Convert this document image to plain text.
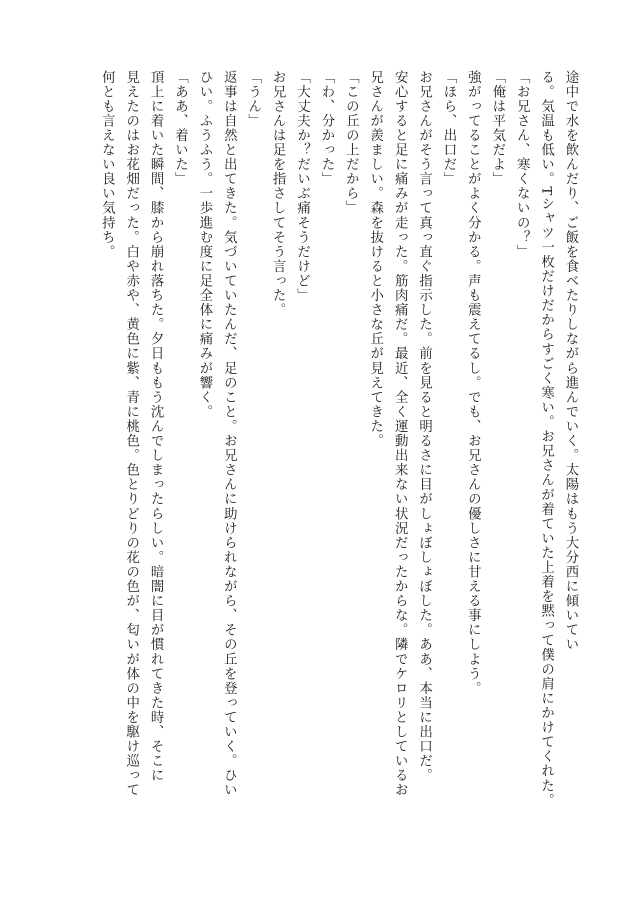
途中で水を飲んだり、ご飯を食べたりしながら進んでいく。太陽はもう大分西に傾いてい

る。気温も低い。Tシャツ一枚だけだからすごく寒い。お兄さんが着ていた上着を黙って僕の肩にかけてくれた。

「お兄さん、寒くないの？」

「俺は平気だよ」

強がってることがよく分かる。声も震えてるし。でも、お兄さんの優しさに甘える事にしよう。

「ほら、出口だ」

お兄さんがそう言って真っ直ぐ指示した。前を見ると明るさに目がしょぼしょぼした。ああ、本当に出口だ。

安心すると足に痛みが走った。筋肉痛だ。最近、全く運動出来ない状況だったからな。隣でケロリとしているお

兄さんが羨ましい。森を抜けると小さな丘が見えてきた。

「この丘の上だから」

「わ、分かった」

「大丈夫か？だいぶ痛そうだけど」

お兄さんは足を指さしてそう言った。

「うん」

返事は自然と出てきた。気づいていたんだ、足のこと。お兄さんに助けられながら、その丘を登っていく。ひい

ひい。ふうふう。一歩進む度に足全体に痛みが響く。

「ああ、着いた」

頂上に着いた瞬間、膝から崩れ落ちた。夕日ももう沈んでしまったらしい。暗闇に目が慣れてきた時、そこに

見えたのはお花畑だった。白や赤や、黄色に紫、青に桃色。色とりどりの花の色が、匂いが体の中を駆け巡って

何とも言えない良い気持ち。
